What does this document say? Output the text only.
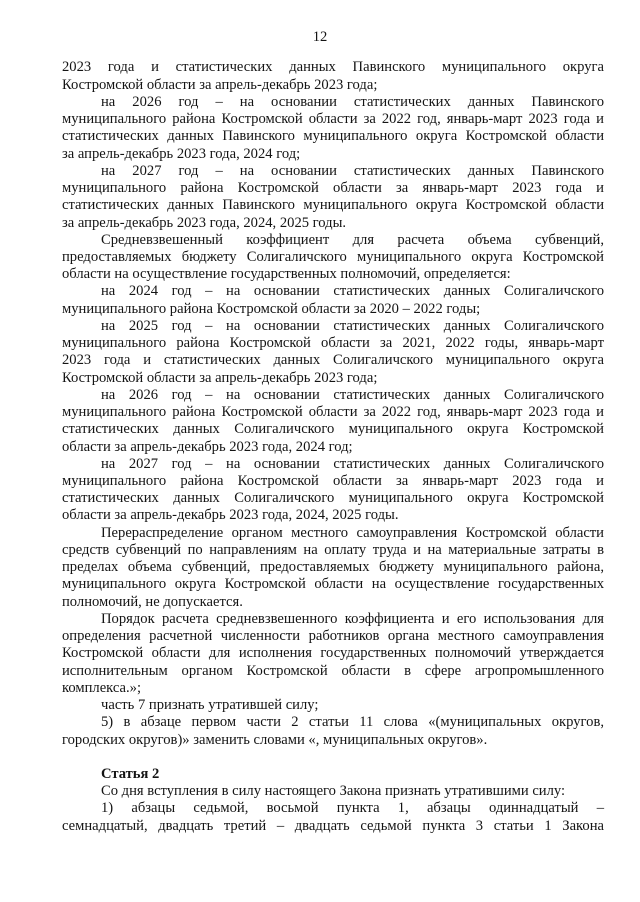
12
2023 года и статистических данных Павинского муниципального округа
Костромской области за апрель-декабрь 2023 года;
на 2026 год – на основании статистических данных Павинского
муниципального района Костромской области за 2022 год, январь-март 2023 года и
статистических данных Павинского муниципального округа Костромской области
за апрель-декабрь 2023 года, 2024 год;
на 2027 год – на основании статистических данных Павинского
муниципального района Костромской области за январь-март 2023 года и
статистических данных Павинского муниципального округа Костромской области
за апрель-декабрь 2023 года, 2024, 2025 годы.
Средневзвешенный коэффициент для расчета объема субвенций,
предоставляемых бюджету Солигаличского муниципального округа Костромской
области на осуществление государственных полномочий, определяется:
на 2024 год – на основании статистических данных Солигаличского
муниципального района Костромской области за 2020 – 2022 годы;
на 2025 год – на основании статистических данных Солигаличского
муниципального района Костромской области за 2021, 2022 годы, январь-март
2023 года и статистических данных Солигаличского муниципального округа
Костромской области за апрель-декабрь 2023 года;
на 2026 год – на основании статистических данных Солигаличского
муниципального района Костромской области за 2022 год, январь-март 2023 года и
статистических данных Солигаличского муниципального округа Костромской
области за апрель-декабрь 2023 года, 2024 год;
на 2027 год – на основании статистических данных Солигаличского
муниципального района Костромской области за январь-март 2023 года и
статистических данных Солигаличского муниципального округа Костромской
области за апрель-декабрь 2023 года, 2024, 2025 годы.
Перераспределение органом местного самоуправления Костромской области
средств субвенций по направлениям на оплату труда и на материальные затраты в
пределах объема субвенций, предоставляемых бюджету муниципального района,
муниципального округа Костромской области на осуществление государственных
полномочий, не допускается.
Порядок расчета средневзвешенного коэффициента и его использования для
определения расчетной численности работников органа местного самоуправления
Костромской области для исполнения государственных полномочий утверждается
исполнительным органом Костромской области в сфере агропромышленного
комплекса.»;
часть 7 признать утратившей силу;
5) в абзаце первом части 2 статьи 11 слова «(муниципальных округов,
городских округов)» заменить словами «, муниципальных округов».
Статья 2
Со дня вступления в силу настоящего Закона признать утратившими силу:
1) абзацы седьмой, восьмой пункта 1, абзацы одиннадцатый –
семнадцатый, двадцать третий – двадцать седьмой пункта 3 статьи 1 Закона
